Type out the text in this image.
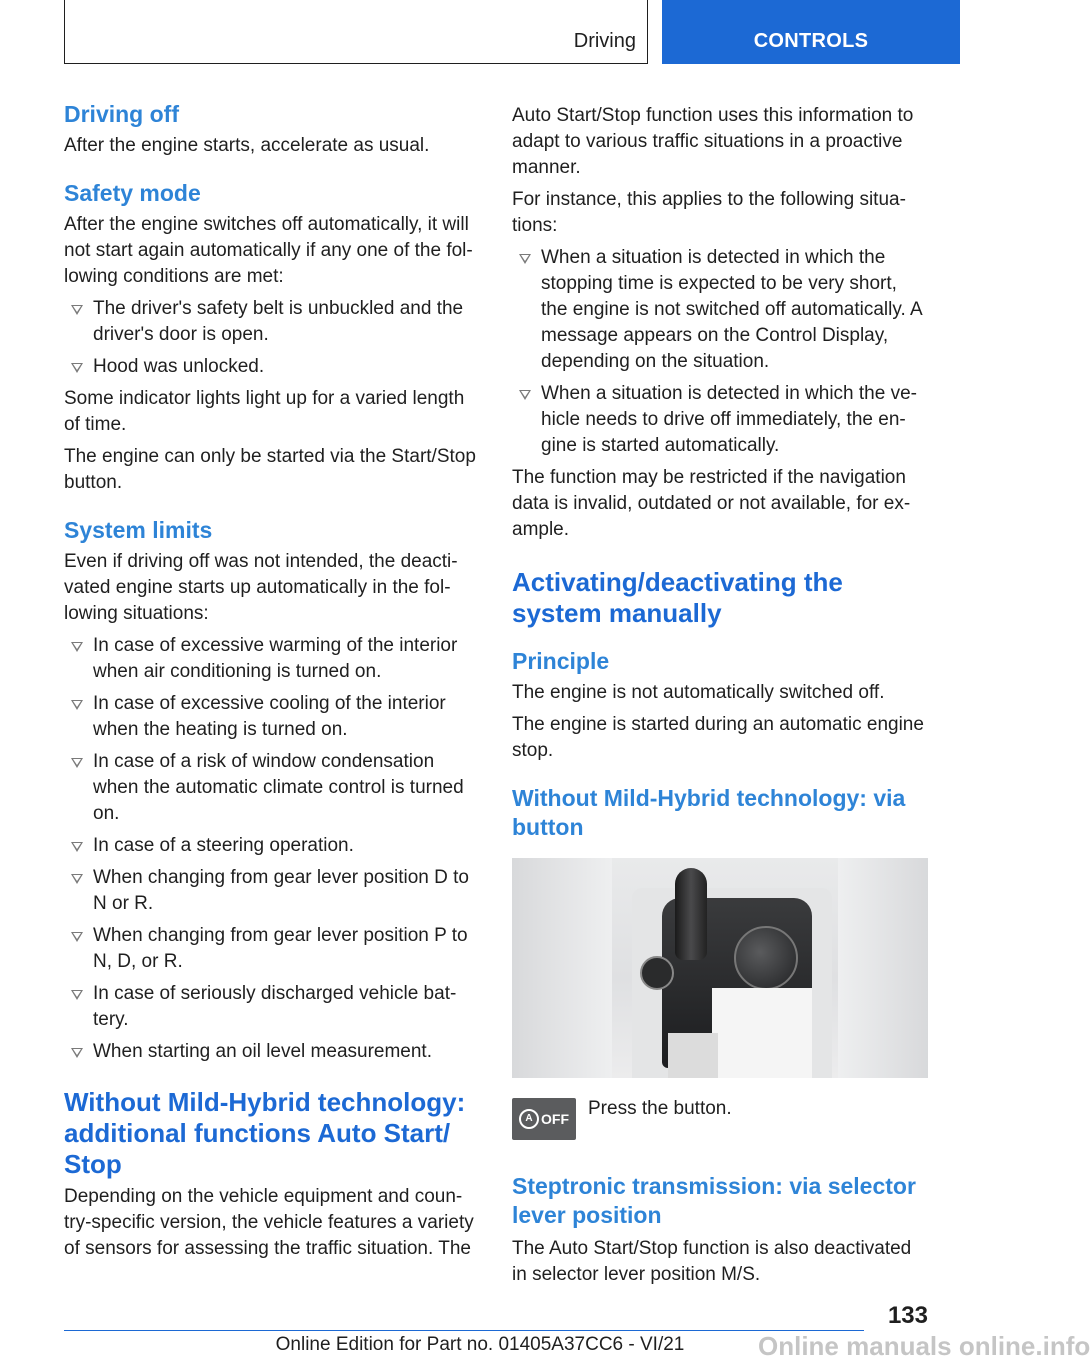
Driving	CONTROLS
Driving off

After the engine starts, accelerate as usual.

Safety mode

After the engine switches off automatically, it will not start again automatically if any one of the fol-lowing conditions are met:

The driver's safety belt is unbuckled and the driver's door is open.
Hood was unlocked.

Some indicator lights light up for a varied length of time.

The engine can only be started via the Start/Stop button.

System limits

Even if driving off was not intended, the deacti-vated engine starts up automatically in the fol-lowing situations:

In case of excessive warming of the interior when air conditioning is turned on.
In case of excessive cooling of the interior when the heating is turned on.
In case of a risk of window condensation when the automatic climate control is turned on.
In case of a steering operation.
When changing from gear lever position D to N or R.
When changing from gear lever position P to N, D, or R.
In case of seriously discharged vehicle bat-tery.
When starting an oil level measurement.
Without Mild-Hybrid technology: additional functions Auto Start/ Stop

Depending on the vehicle equipment and coun-try-specific version, the vehicle features a variety of sensors for assessing the traffic situation. The

Auto Start/Stop function uses this information to adapt to various traffic situations in a proactive manner.

For instance, this applies to the following situa-tions:

When a situation is detected in which the stopping time is expected to be very short, the engine is not switched off automatically. A message appears on the Control Display, depending on the situation.
When a situation is detected in which the ve-hicle needs to drive off immediately, the en-gine is started automatically.

The function may be restricted if the navigation data is invalid, outdated or not available, for ex-ample.

Activating/deactivating the system manually
Principle

The engine is not automatically switched off.

The engine is started during an automatic engine stop.

Without Mild-Hybrid technology: via button
A OFF Press the button.

Steptronic transmission: via selector lever position

The Auto Start/Stop function is also deactivated in selector lever position M/S.

133
Online Edition for Part no. 01405A37CC6 - VI/21	Online manuals online.info
